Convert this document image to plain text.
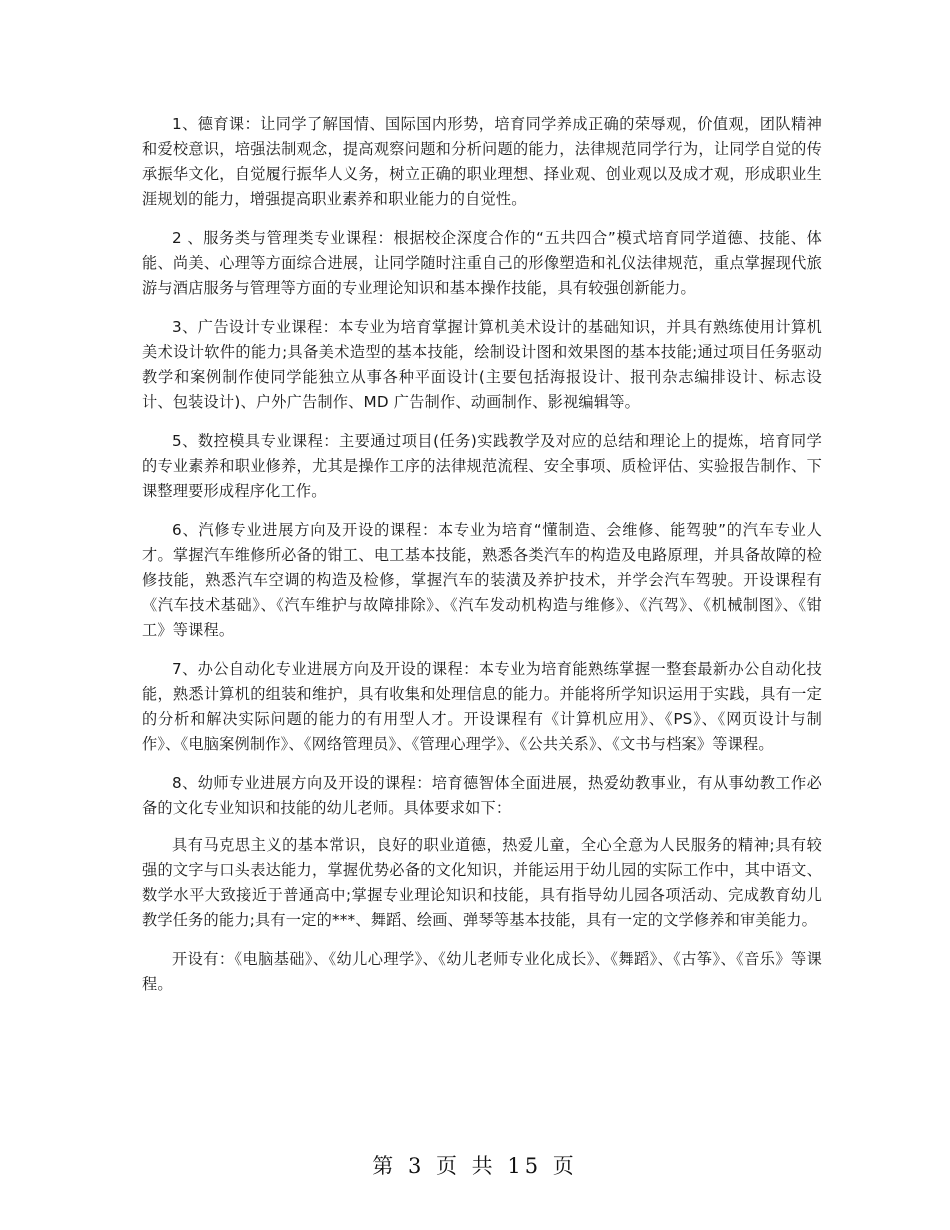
1、德育课：让同学了解国情、国际国内形势，培育同学养成正确的荣辱观，价值观，团队精神和爱校意识，培强法制观念，提高观察问题和分析问题的能力，法律规范同学行为，让同学自觉的传承振华文化，自觉履行振华人义务，树立正确的职业理想、择业观、创业观以及成才观，形成职业生涯规划的能力，增强提高职业素养和职业能力的自觉性。

2 、服务类与管理类专业课程：根据校企深度合作的“五共四合”模式培育同学道德、技能、体能、尚美、心理等方面综合进展，让同学随时注重自己的形像塑造和礼仪法律规范，重点掌握现代旅游与酒店服务与管理等方面的专业理论知识和基本操作技能，具有较强创新能力。

3、广告设计专业课程：本专业为培育掌握计算机美术设计的基础知识，并具有熟练使用计算机美术设计软件的能力;具备美术造型的基本技能，绘制设计图和效果图的基本技能;通过项目任务驱动教学和案例制作使同学能独立从事各种平面设计(主要包括海报设计、报刊杂志编排设计、标志设计、包装设计)、户外广告制作、MD 广告制作、动画制作、影视编辑等。

5、数控模具专业课程：主要通过项目(任务)实践教学及对应的总结和理论上的提炼，培育同学的专业素养和职业修养，尤其是操作工序的法律规范流程、安全事项、质检评估、实验报告制作、下课整理要形成程序化工作。

6、汽修专业进展方向及开设的课程：本专业为培育“懂制造、会维修、能驾驶”的汽车专业人才。掌握汽车维修所必备的钳工、电工基本技能，熟悉各类汽车的构造及电路原理，并具备故障的检修技能，熟悉汽车空调的构造及检修，掌握汽车的装潢及养护技术，并学会汽车驾驶。开设课程有《汽车技术基础》、《汽车维护与故障排除》、《汽车发动机构造与维修》、《汽驾》、《机械制图》、《钳工》等课程。

7、办公自动化专业进展方向及开设的课程：本专业为培育能熟练掌握一整套最新办公自动化技能，熟悉计算机的组装和维护，具有收集和处理信息的能力。并能将所学知识运用于实践，具有一定的分析和解决实际问题的能力的有用型人才。开设课程有《计算机应用》、《PS》、《网页设计与制作》、《电脑案例制作》、《网络管理员》、《管理心理学》、《公共关系》、《文书与档案》等课程。

8、幼师专业进展方向及开设的课程：培育德智体全面进展，热爱幼教事业，有从事幼教工作必备的文化专业知识和技能的幼儿老师。具体要求如下：

具有马克思主义的基本常识，良好的职业道德，热爱儿童，全心全意为人民服务的精神;具有较强的文字与口头表达能力，掌握优势必备的文化知识，并能运用于幼儿园的实际工作中，其中语文、数学水平大致接近于普通高中;掌握专业理论知识和技能，具有指导幼儿园各项活动、完成教育幼儿教学任务的能力;具有一定的***、舞蹈、绘画、弹琴等基本技能，具有一定的文学修养和审美能力。

开设有：《电脑基础》、《幼儿心理学》、《幼儿老师专业化成长》、《舞蹈》、《古筝》、《音乐》等课程。

第 3 页 共 15 页
